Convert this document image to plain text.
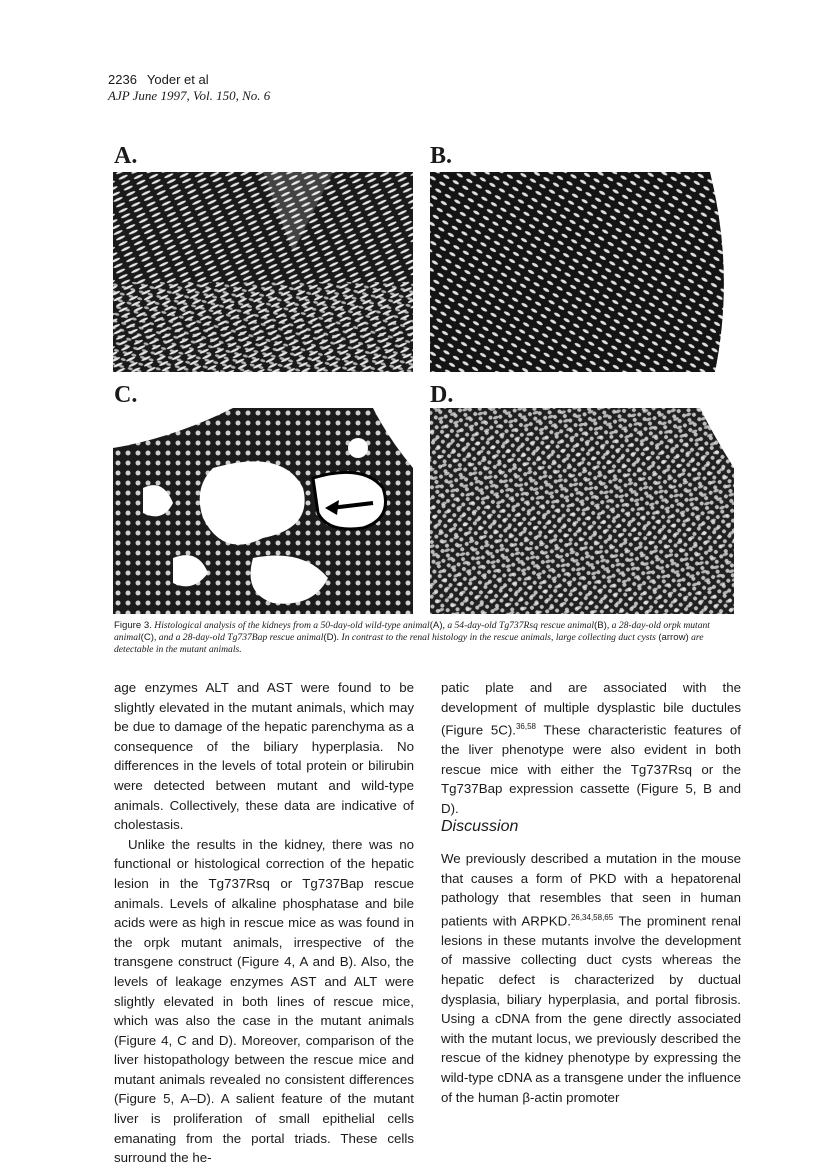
2236 Yoder et al
AJP June 1997, Vol. 150, No. 6
A.	B.
C.	D.
Figure 3. Histological analysis of the kidneys from a 50-day-old wild-type animal(A), a 54-day-old Tg737Rsq rescue animal(B), a 28-day-old orpk mutant animal(C), and a 28-day-old Tg737Bap rescue animal(D). In contrast to the renal histology in the rescue animals, large collecting duct cysts (arrow) are detectable in the mutant animals.

age enzymes ALT and AST were found to be slightly elevated in the mutant animals, which may be due to damage of the hepatic parenchyma as a consequence of the biliary hyperplasia. No differences in the levels of total protein or bilirubin were detected between mutant and wild-type animals. Collectively, these data are indicative of cholestasis.

Unlike the results in the kidney, there was no functional or histological correction of the hepatic lesion in the Tg737Rsq or Tg737Bap rescue animals. Levels of alkaline phosphatase and bile acids were as high in rescue mice as was found in the orpk mutant animals, irrespective of the transgene construct (Figure 4, A and B). Also, the levels of leakage enzymes AST and ALT were slightly elevated in both lines of rescue mice, which was also the case in the mutant animals (Figure 4, C and D). Moreover, comparison of the liver histopathology between the rescue mice and mutant animals revealed no consistent differences (Figure 5, A–D). A salient feature of the mutant liver is proliferation of small epithelial cells emanating from the portal triads. These cells surround the he-

patic plate and are associated with the development of multiple dysplastic bile ductules (Figure 5C).$^{36,58}$ These characteristic features of the liver phenotype were also evident in both rescue mice with either the Tg737Rsq or the Tg737Bap expression cassette (Figure 5, B and D).

Discussion

We previously described a mutation in the mouse that causes a form of PKD with a hepatorenal pathology that resembles that seen in human patients with ARPKD.$^{26,34,58,65}$ The prominent renal lesions in these mutants involve the development of massive collecting duct cysts whereas the hepatic defect is characterized by ductual dysplasia, biliary hyperplasia, and portal fibrosis. Using a cDNA from the gene directly associated with the mutant locus, we previously described the rescue of the kidney phenotype by expressing the wild-type cDNA as a transgene under the influence of the human β-actin promoter
